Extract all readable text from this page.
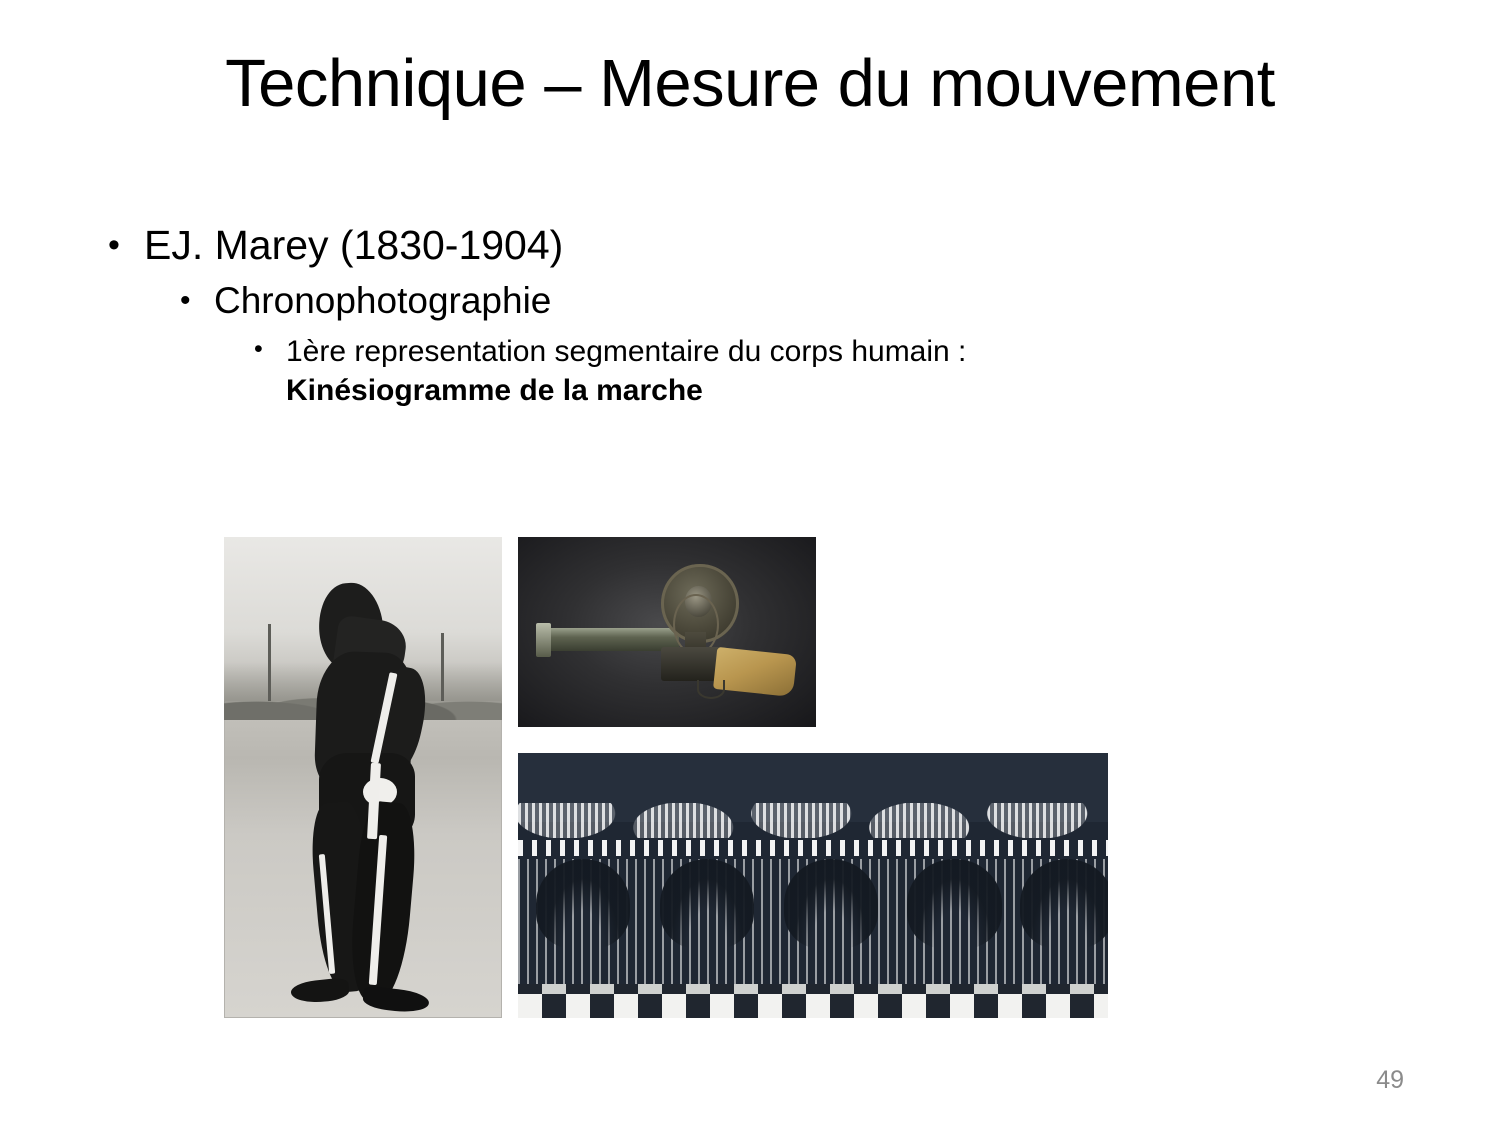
Technique – Mesure du mouvement
• EJ. Marey (1830-1904)
• Chronophotographie
• 1ère representation segmentaire du corps humain :
Kinésiogramme de la marche
49
